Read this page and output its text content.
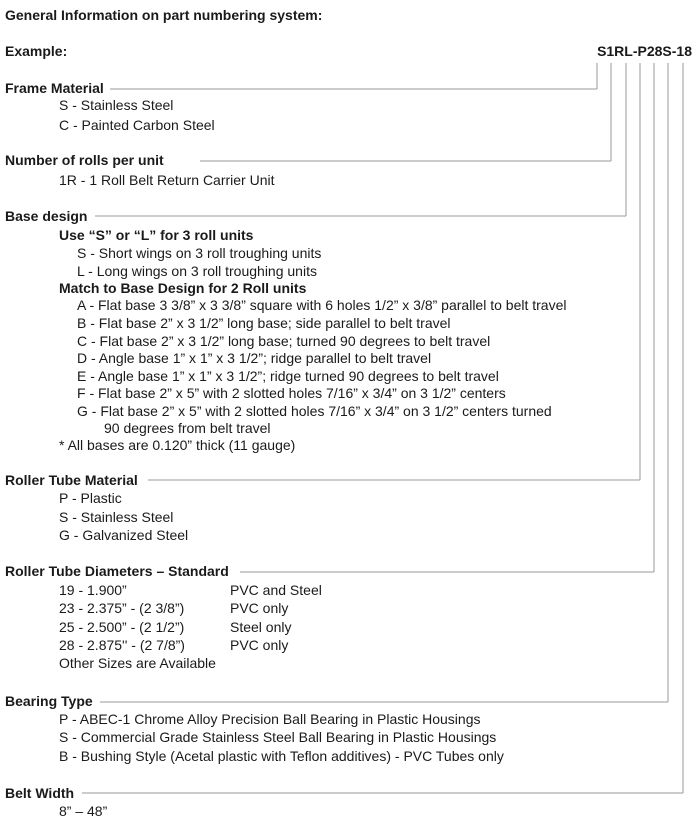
General Information on part numbering system:
Example:	S1RL-P28S-18
Frame Material
S - Stainless Steel
C - Painted Carbon Steel
Number of rolls per unit
1R - 1 Roll Belt Return Carrier Unit
Base design
Use “S” or “L” for 3 roll units
S - Short wings on 3 roll troughing units
L - Long wings on 3 roll troughing units
Match to Base Design for 2 Roll units
A - Flat base 3 3/8” x 3 3/8” square with 6 holes 1/2” x 3/8” parallel to belt travel
B - Flat base 2” x 3 1/2” long base; side parallel to belt travel
C - Flat base 2” x 3 1/2” long base; turned 90 degrees to belt travel
D - Angle base 1” x 1” x 3 1/2”; ridge parallel to belt travel
E - Angle base 1” x 1” x 3 1/2”; ridge turned 90 degrees to belt travel
F - Flat base 2” x 5” with 2 slotted holes 7/16” x 3/4” on 3 1/2” centers
G - Flat base 2” x 5” with 2 slotted holes 7/16” x 3/4” on 3 1/2” centers turned
90 degrees from belt travel
* All bases are 0.120” thick (11 gauge)
Roller Tube Material
P - Plastic
S - Stainless Steel
G - Galvanized Steel
Roller Tube Diameters – Standard
19 - 1.900”	PVC and Steel
23 - 2.375” - (2 3/8”)	PVC only
25 - 2.500” - (2 1/2”)	Steel only
28 - 2.875'' - (2 7/8”)	PVC only
Other Sizes are Available
Bearing Type
P - ABEC-1 Chrome Alloy Precision Ball Bearing in Plastic Housings
S - Commercial Grade Stainless Steel Ball Bearing in Plastic Housings
B - Bushing Style (Acetal plastic with Teflon additives) - PVC Tubes only
Belt Width
8” – 48”
